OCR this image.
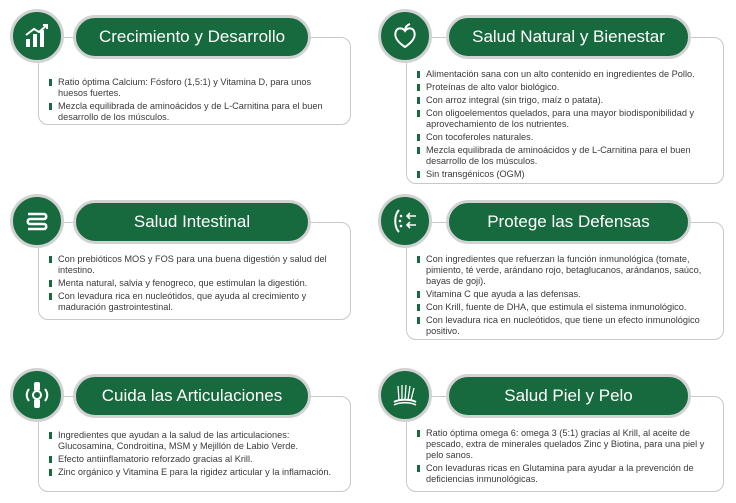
Ratio óptima Calcium: Fósforo (1,5:1) y Vitamina D, para unos huesos fuertes.
Mezcla equilibrada de aminoácidos y de L-Carnitina para el buen desarrollo de los músculos.
Crecimiento y Desarrollo
Alimentación sana con un alto contenido en ingredientes de Pollo.
Proteínas de alto valor biológico.
Con arroz integral (sin trigo, maíz o patata).
Con oligoelementos quelados, para una mayor biodisponibilidad y aprovechamiento de los nutrientes.
Con tocoferoles naturales.
Mezcla equilibrada de aminoácidos y de L-Carnitina para el buen desarrollo de los músculos.
Sin transgénicos (OGM)
Salud Natural y Bienestar
Con prebióticos MOS y FOS para una buena digestión y salud del intestino.
Menta natural, salvia y fenogreco, que estimulan la digestión.
Con levadura rica en nucleótidos, que ayuda al crecimiento y maduración gastrointestinal.
Salud Intestinal
Con ingredientes que refuerzan la función inmunológica (tomate, pimiento, té verde, arándano rojo, betaglucanos, arándanos, saúco, bayas de goji).
Vitamina C que ayuda a las defensas.
Con Krill, fuente de DHA, que estimula el sistema inmunológico.
Con levadura rica en nucleótidos, que tiene un efecto inmunológico positivo.
Protege las Defensas
Ingredientes que ayudan a la salud de las articulaciones: Glucosamina, Condroitina, MSM y Mejillón de Labio Verde.
Efecto antiinflamatorio reforzado gracias al Krill.
Zinc orgánico y Vitamina E para la rigidez articular y la inflamación.
Cuida las Articulaciones
Ratio óptima omega 6: omega 3 (5:1) gracias al Krill, al aceite de pescado, extra de minerales quelados Zinc y Biotina, para una piel y pelo sanos.
Con levaduras ricas en Glutamina para ayudar a la prevención de deficiencias inmunológicas.
Salud Piel y Pelo
